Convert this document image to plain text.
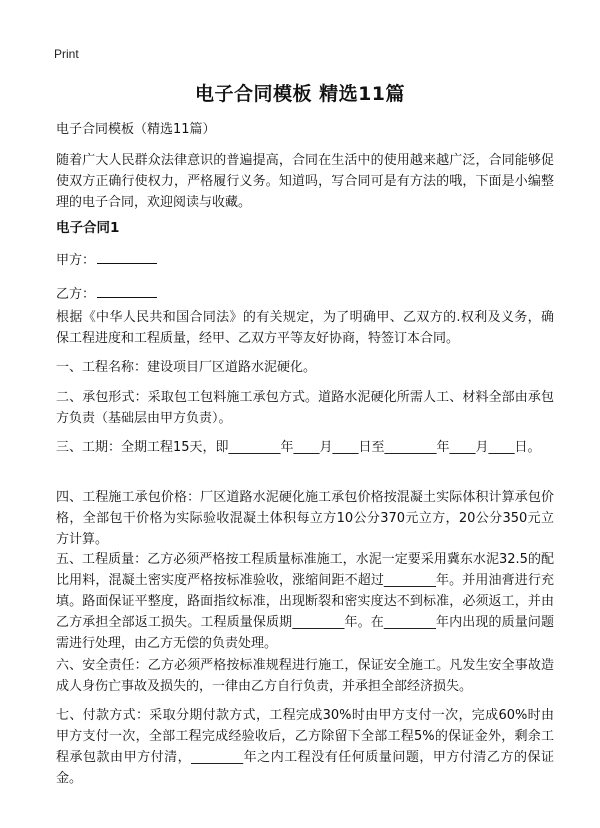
Print
电子合同模板 精选11篇
电子合同模板（精选11篇）
随着广大人民群众法律意识的普遍提高，合同在生活中的使用越来越广泛，合同能够促使双方正确行使权力，严格履行义务。知道吗，写合同可是有方法的哦，下面是小编整理的电子合同，欢迎阅读与收藏。
电子合同1
甲方：
乙方：
根据《中华人民共和国合同法》的有关规定，为了明确甲、乙双方的.权利及义务，确保工程进度和工程质量，经甲、乙双方平等友好协商，特签订本合同。
一、工程名称：建设项目厂区道路水泥硬化。
二、承包形式：采取包工包料施工承包方式。道路水泥硬化所需人工、材料全部由承包方负责（基础层由甲方负责）。
三、工期：全期工程15天，即________年____月____日至________年____月____日。
四、工程施工承包价格：厂区道路水泥硬化施工承包价格按混凝土实际体积计算承包价格，全部包干价格为实际验收混凝土体积每立方10公分370元立方，20公分350元立方计算。
五、工程质量：乙方必须严格按工程质量标准施工，水泥一定要采用冀东水泥32.5的配比用料，混凝土密实度严格按标准验收，涨缩间距不超过________年。并用油膏进行充填。路面保证平整度，路面指纹标准，出现断裂和密实度达不到标准，必须返工，并由乙方承担全部返工损失。工程质量保质期________年。在________年内出现的质量问题需进行处理，由乙方无偿的负责处理。
六、安全责任：乙方必须严格按标准规程进行施工，保证安全施工。凡发生安全事故造成人身伤亡事故及损失的，一律由乙方自行负责，并承担全部经济损失。
七、付款方式：采取分期付款方式，工程完成30%时由甲方支付一次，完成60%时由甲方支付一次，全部工程完成经验收后，乙方除留下全部工程5%的保证金外，剩余工程承包款由甲方付清，________年之内工程没有任何质量问题，甲方付清乙方的保证金。
